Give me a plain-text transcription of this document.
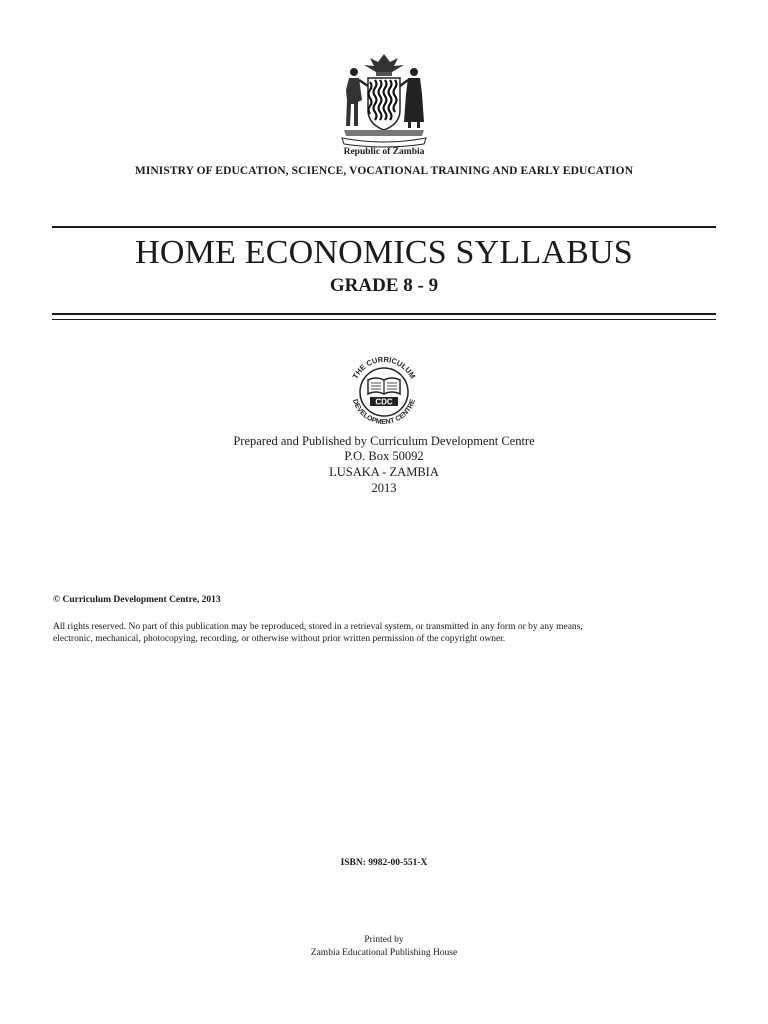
Republic of Zambia
MINISTRY OF EDUCATION, SCIENCE, VOCATIONAL TRAINING AND EARLY EDUCATION
HOME ECONOMICS SYLLABUS
GRADE 8 - 9
THE CURRICULUM
DEVELOPMENT CENTRE
CDC
Prepared and Published by Curriculum Development Centre
P.O. Box 50092
LUSAKA - ZAMBIA
2013
© Curriculum Development Centre, 2013
All rights reserved. No part of this publication may be reproduced, stored in a retrieval system, or transmitted in any form or by any means,
electronic, mechanical, photocopying, recording, or otherwise without prior written permission of the copyright owner.
ISBN: 9982-00-551-X
Printed by
Zambia Educational Publishing House
